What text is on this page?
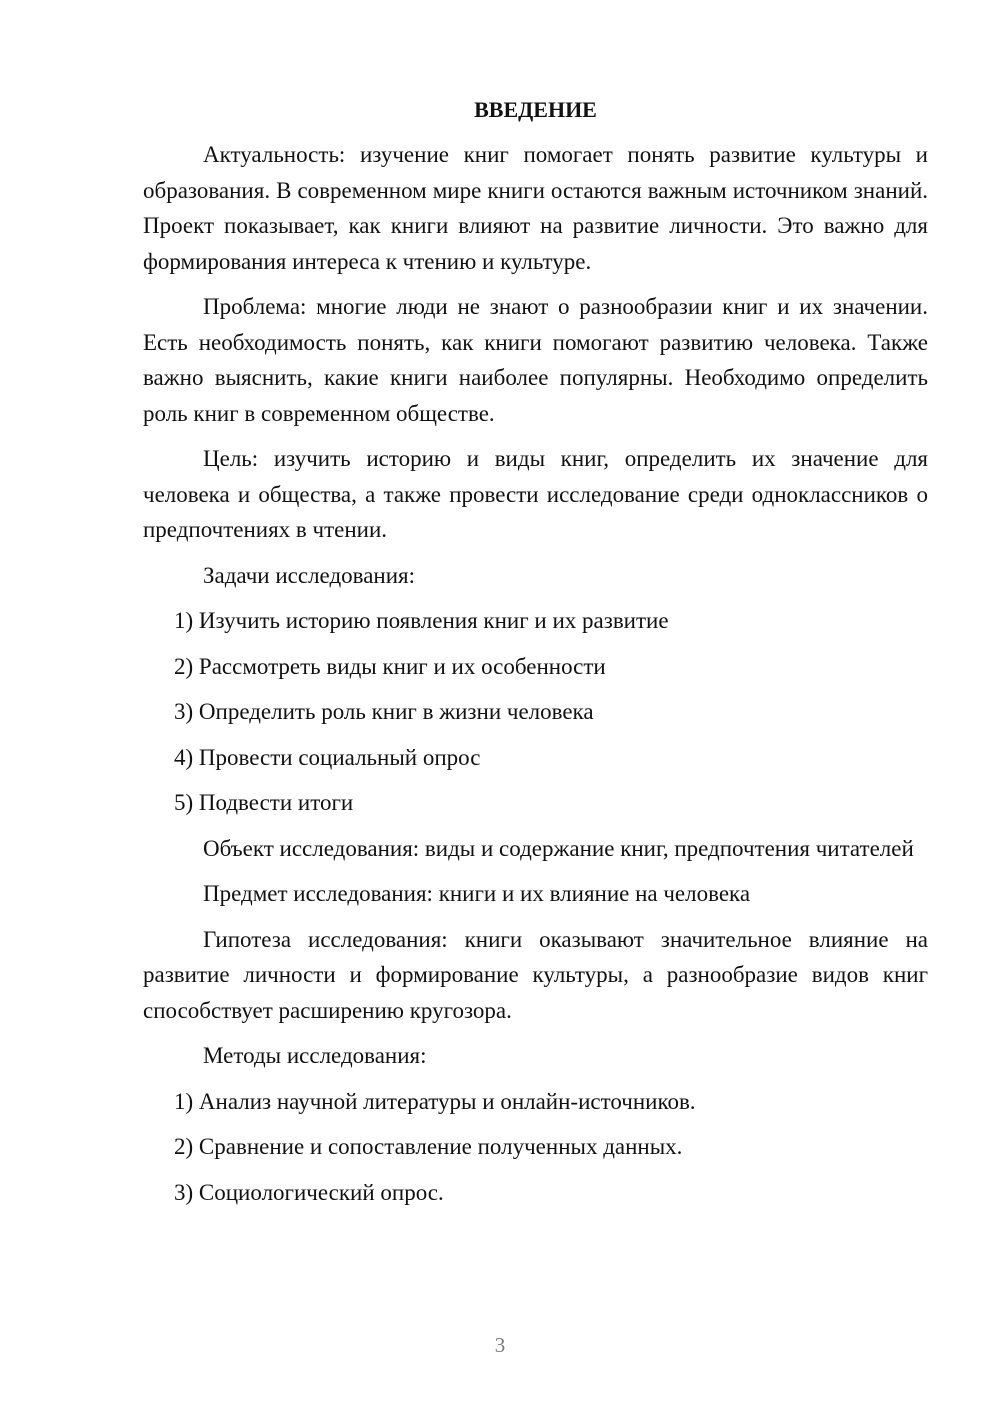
ВВЕДЕНИЕ

Актуальность: изучение книг помогает понять развитие культуры и образования. В современном мире книги остаются важным источником знаний. Проект показывает, как книги влияют на развитие личности. Это важно для формирования интереса к чтению и культуре.

Проблема: многие люди не знают о разнообразии книг и их значении. Есть необходимость понять, как книги помогают развитию человека. Также важно выяснить, какие книги наиболее популярны. Необходимо определить роль книг в современном обществе.

Цель: изучить историю и виды книг, определить их значение для человека и общества, а также провести исследование среди одноклассников о предпочтениях в чтении.

Задачи исследования:

1) Изучить историю появления книг и их развитие
2) Рассмотреть виды книг и их особенности
3) Определить роль книг в жизни человека
4) Провести социальный опрос
5) Подвести итоги

Объект исследования: виды и содержание книг, предпочтения читателей

Предмет исследования: книги и их влияние на человека

Гипотеза исследования: книги оказывают значительное влияние на развитие личности и формирование культуры, а разнообразие видов книг способствует расширению кругозора.

Методы исследования:

1) Анализ научной литературы и онлайн-источников.
2) Сравнение и сопоставление полученных данных.
3) Социологический опрос.
3
